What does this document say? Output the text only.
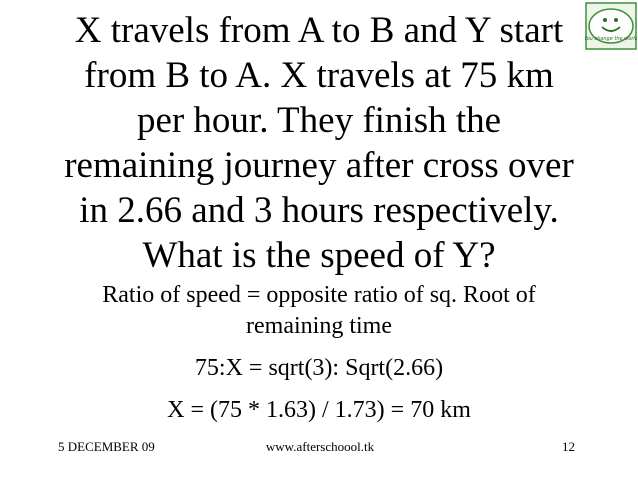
X travels from A to B and Y start
from B to A. X travels at 75 km
per hour. They finish the
remaining journey after cross over
in 2.66 and 3 hours respectively.
What is the speed of Y?
Ratio of speed = opposite ratio of sq. Root of
remaining time
75:X = sqrt(3): Sqrt(2.66)
X = (75 * 1.63) / 1.73) = 70 km
5 DECEMBER 09	www.afterschoool.tk	12
You change the world
